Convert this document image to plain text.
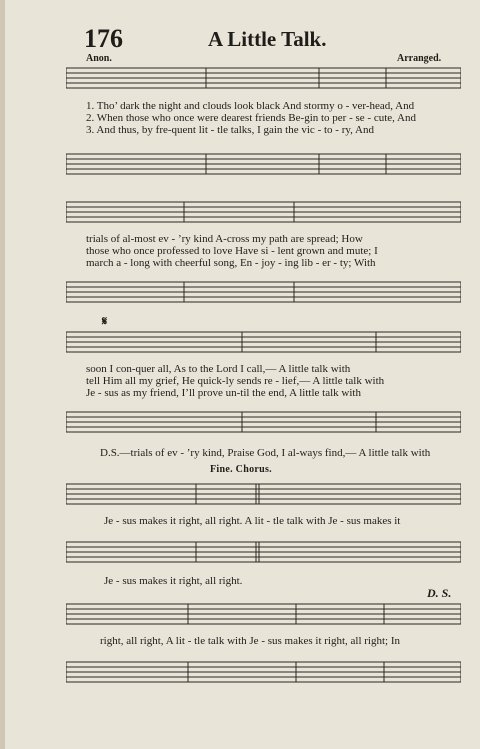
176	A Little Talk.
Anon.	Arranged.
1. Tho’ dark the night and clouds look black And stormy o - ver-head, And
2. When those who once were dearest friends Be-gin to per - se - cute, And
3. And thus, by fre-quent lit - tle talks, I gain the vic - to - ry, And
trials of al-most ev - ’ry kind A-cross my path are spread; How
those who once professed to love Have si - lent grown and mute; I
march a - long with cheerful song, En - joy - ing lib - er - ty; With
𝄋
soon I con-quer all, As to the Lord I call,— A little talk with
tell Him all my grief, He quick-ly sends re - lief,— A little talk with
Je - sus as my friend, I’ll prove un-til the end, A little talk with
D.S.—trials of ev - ’ry kind, Praise God, I al-ways find,— A little talk with
Fine. Chorus.
Je - sus makes it right, all right. A lit - tle talk with Je - sus makes it
Je - sus makes it right, all right.
D. S.
right, all right, A lit - tle talk with Je - sus makes it right, all right; In
